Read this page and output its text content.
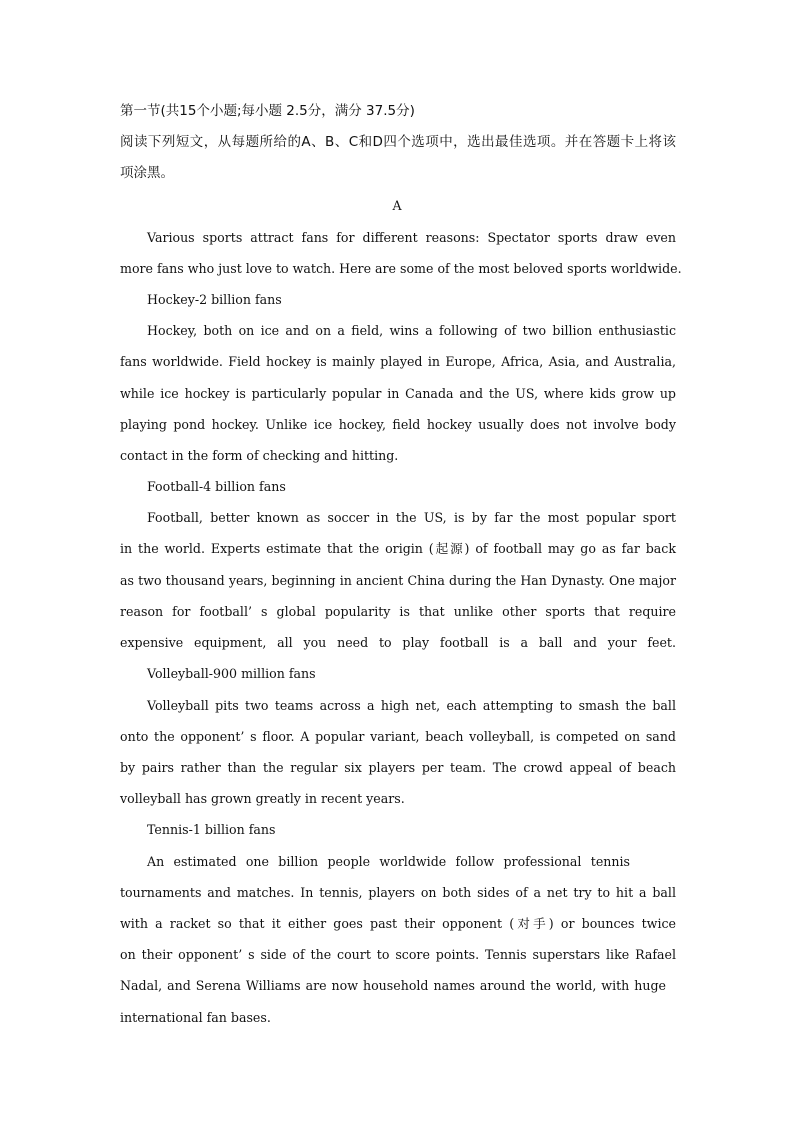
第一节(共15个小题;每小题 2.5分，满分 37.5分)
阅读下列短文，从每题所给的A、B、C和D四个选项中，选出最佳选项。并在答题卡上将该
项涂黑。
A
Various sports attract fans for different reasons: Spectator sports draw even
more fans who just love to watch. Here are some of the most beloved sports worldwide.
Hockey-2 billion fans
Hockey, both on ice and on a field, wins a following of two billion enthusiastic
fans worldwide. Field hockey is mainly played in Europe, Africa, Asia, and Australia,
while ice hockey is particularly popular in Canada and the US, where kids grow up
playing pond hockey. Unlike ice hockey, field hockey usually does not involve body
contact in the form of checking and hitting.
Football-4 billion fans
Football, better known as soccer in the US, is by far the most popular sport
in the world. Experts estimate that the origin (起源) of football may go as far back
as two thousand years, beginning in ancient China during the Han Dynasty. One major
reason for football’ s global popularity is that unlike other sports that require
expensive equipment, all you need to play football is a ball and your feet.
Volleyball-900 million fans
Volleyball pits two teams across a high net, each attempting to smash the ball
onto the opponent’ s floor. A popular variant, beach volleyball, is competed on sand
by pairs rather than the regular six players per team. The crowd appeal of beach
volleyball has grown greatly in recent years.
Tennis-1 billion fans
An estimated one billion people worldwide follow professional tennis
tournaments and matches. In tennis, players on both sides of a net try to hit a ball
with a racket so that it either goes past their opponent (对手) or bounces twice
on their opponent’ s side of the court to score points. Tennis superstars like Rafael
Nadal, and Serena Williams are now household names around the world, with huge
international fan bases.
